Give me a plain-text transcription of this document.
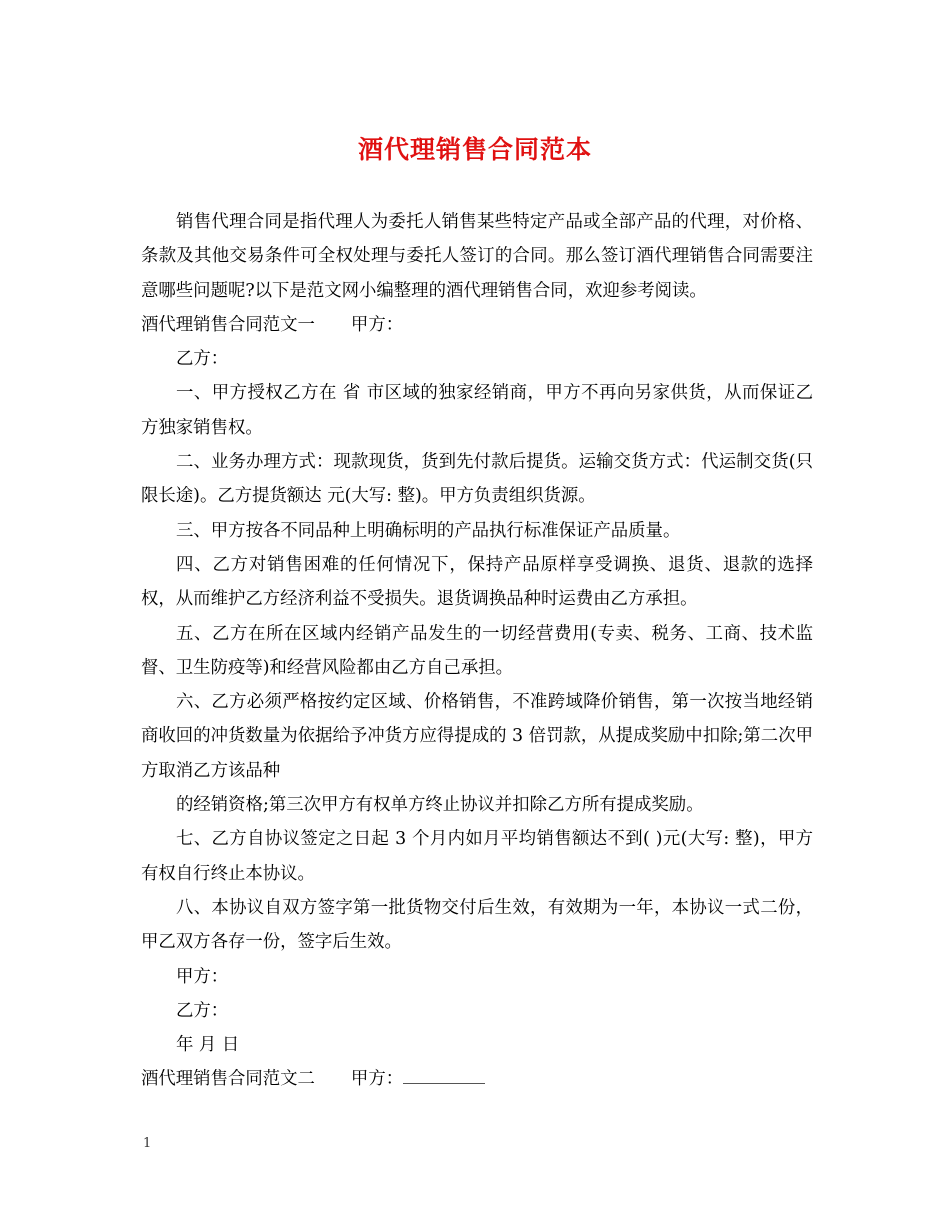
酒代理销售合同范本

销售代理合同是指代理人为委托人销售某些特定产品或全部产品的代理，对价格、条款及其他交易条件可全权处理与委托人签订的合同。那么签订酒代理销售合同需要注意哪些问题呢?以下是范文网小编整理的酒代理销售合同，欢迎参考阅读。

酒代理销售合同范文一 甲方：

乙方：

一、甲方授权乙方在 省 市区域的独家经销商，甲方不再向另家供货，从而保证乙方独家销售权。

二、业务办理方式：现款现货，货到先付款后提货。运输交货方式：代运制交货(只限长途)。乙方提货额达 元(大写: 整)。甲方负责组织货源。

三、甲方按各不同品种上明确标明的产品执行标准保证产品质量。

四、乙方对销售困难的任何情况下，保持产品原样享受调换、退货、退款的选择权，从而维护乙方经济利益不受损失。退货调换品种时运费由乙方承担。

五、乙方在所在区域内经销产品发生的一切经营费用(专卖、税务、工商、技术监督、卫生防疫等)和经营风险都由乙方自己承担。

六、乙方必须严格按约定区域、价格销售，不准跨域降价销售，第一次按当地经销商收回的冲货数量为依据给予冲货方应得提成的 3 倍罚款，从提成奖励中扣除;第二次甲方取消乙方该品种

的经销资格;第三次甲方有权单方终止协议并扣除乙方所有提成奖励。

七、乙方自协议签定之日起 3 个月内如月平均销售额达不到( )元(大写: 整)，甲方有权自行终止本协议。

八、本协议自双方签字第一批货物交付后生效，有效期为一年，本协议一式二份，甲乙双方各存一份，签字后生效。

甲方：

乙方：

年 月 日

酒代理销售合同范文二 甲方：

1
